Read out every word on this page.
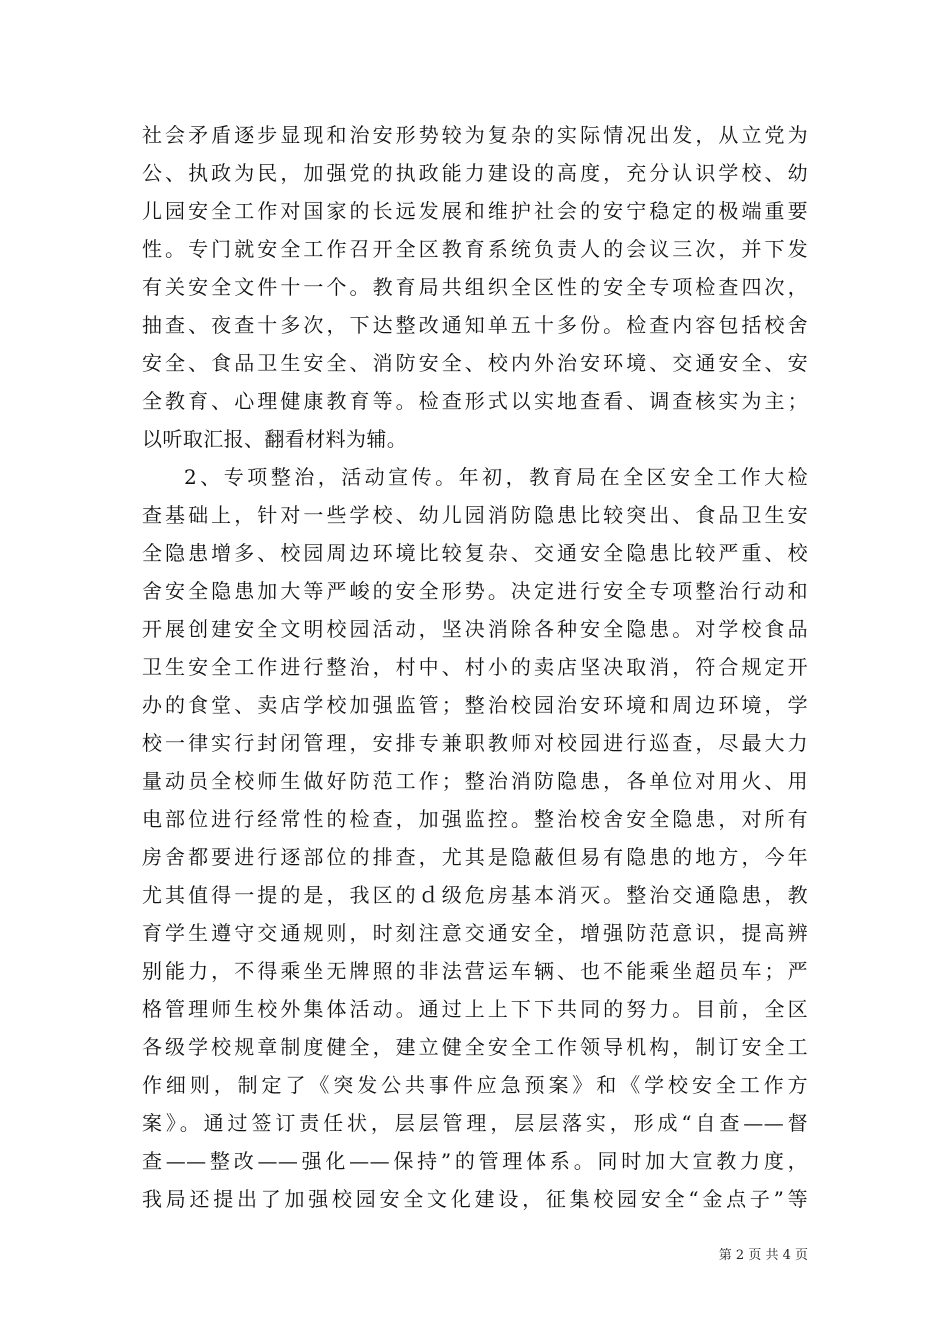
社会矛盾逐步显现和治安形势较为复杂的实际情况出发，从立党为
公、执政为民，加强党的执政能力建设的高度，充分认识学校、幼
儿园安全工作对国家的长远发展和维护社会的安宁稳定的极端重要
性。专门就安全工作召开全区教育系统负责人的会议三次，并下发
有关安全文件十一个。教育局共组织全区性的安全专项检查四次，
抽查、夜查十多次，下达整改通知单五十多份。检查内容包括校舍
安全、食品卫生安全、消防安全、校内外治安环境、交通安全、安
全教育、心理健康教育等。检查形式以实地查看、调查核实为主；
以听取汇报、翻看材料为辅。
2、专项整治，活动宣传。年初，教育局在全区安全工作大检
查基础上，针对一些学校、幼儿园消防隐患比较突出、食品卫生安
全隐患增多、校园周边环境比较复杂、交通安全隐患比较严重、校
舍安全隐患加大等严峻的安全形势。决定进行安全专项整治行动和
开展创建安全文明校园活动，坚决消除各种安全隐患。对学校食品
卫生安全工作进行整治，村中、村小的卖店坚决取消，符合规定开
办的食堂、卖店学校加强监管；整治校园治安环境和周边环境，学
校一律实行封闭管理，安排专兼职教师对校园进行巡查，尽最大力
量动员全校师生做好防范工作；整治消防隐患，各单位对用火、用
电部位进行经常性的检查，加强监控。整治校舍安全隐患，对所有
房舍都要进行逐部位的排查，尤其是隐蔽但易有隐患的地方，今年
尤其值得一提的是，我区的ｄ级危房基本消灭。整治交通隐患，教
育学生遵守交通规则，时刻注意交通安全，增强防范意识，提高辨
别能力，不得乘坐无牌照的非法营运车辆、也不能乘坐超员车；严
格管理师生校外集体活动。通过上上下下共同的努力。目前，全区
各级学校规章制度健全，建立健全安全工作领导机构，制订安全工
作细则，制定了《突发公共事件应急预案》和《学校安全工作方
案》。通过签订责任状，层层管理，层层落实，形成“自查——督
查——整改——强化——保持”的管理体系。同时加大宣教力度，
我局还提出了加强校园安全文化建设，征集校园安全“金点子”等
第 2 页 共 4 页
